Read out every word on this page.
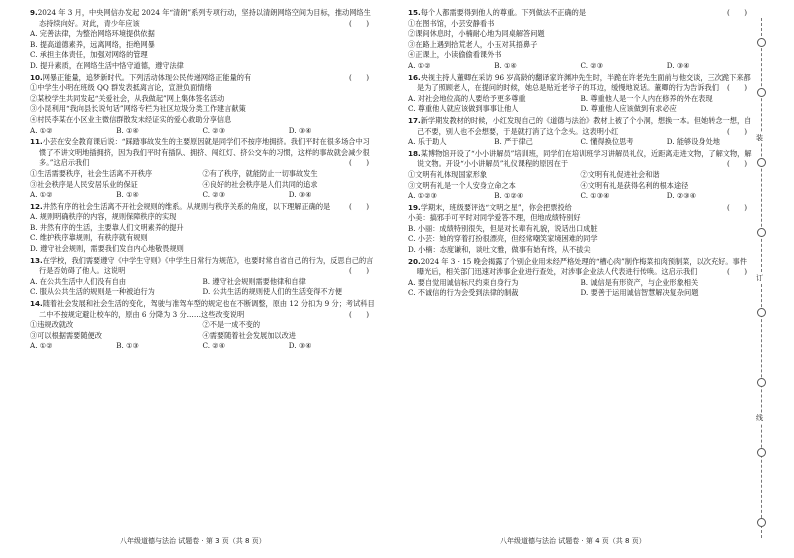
9.2024 年 3 月，中央网信办发起 2024 年“清朗”系列专项行动，坚持以清朗网络空间为目标，推动网络生态持续向好。对此，青少年应该	(　　)
A. 完善法律，为整治网络环境提供依据
B. 提高道德素养，远离网络，拒绝网暴
C. 承担主体责任，加强对网络的管理
D. 提升素质，在网络生活中恪守道德，遵守法律
10.网暴正能量，追梦新时代。下列活动体现公民传递网络正能量的有	(　　)
①中学生小明在班级 QQ 群发表抵离言论，宣泄负面情绪
②某校学生共同发起“关爱社会，从我做起”网上集体签名活动
③小昆利用“我向县长说句话”网络专栏为社区垃圾分类工作建言献策
④村民李某在小区业主微信群散发未经证实的爱心救助分享信息
A. ①②	B. ①④	C. ②③	D. ③④
11.小芸在安全教育课后说：“踩踏事故发生的主要原因就是同学们不按序地拥挤。我们平时在很多场合中习惯了不讲文明地插拥挤，因为我们平时有插队、拥挤、闯红灯、挤公交车的习惯，这样的事故就会减少很多。”这启示我们	(　　)
①生活需要秩序，社会生活离不开秩序	②有了秩序，就能防止一切事故发生
③社会秩序是人民安居乐业的保证	④良好的社会秩序是人们共同的追求
A. ①②	B. ①④	C. ②③	D. ③④
12.井然有序的社会生活离不开社会规则的维系。从规则与秩序关系的角度，以下理解正确的是	(　　)
A. 规则明确秩序的内容，规则保障秩序的实现
B. 井然有序的生活，主要靠人们文明素养的提升
C. 维护秩序靠规则，有秩序就有规则
D. 遵守社会规则，需要我们发自内心地敬畏规则
13.在学校，我们需要遵守《中学生守则》《中学生日常行为规范》，也要时常自省自己的行为，反思自己的言行是否妨碍了他人。这说明	(　　)
A. 在公共生活中人们没有自由	B. 遵守社会规则需要他律和自律
C. 服从公共生活的规则是一种被迫行为	D. 公共生活的规则使人们的生活变得不方便
14.随着社会发展和社会生活的变化，驾驶与准驾车型的规定也在不断调整，原由 12 分扣为 9 分；考试科目二中不按规定避让校车的，原由 6 分降为 3 分……这些改变说明	(　　)
①违规改就改	②不是一成不变的
③可以根据需要随便改	④需要随着社会发展加以改进
A. ①②	B. ①③	C. ②④	D. ③④
15.每个人都需要得到他人的尊重。下列做法不正确的是	(　　)
①在图书馆，小芸安静看书
②课间休息时，小楠耐心地为同桌解答问题
③在路上遇到拾荒老人，小玉对其捂鼻子
④正课上，小读偷偷看课外书
A. ①②	B. ①④	C. ②③	D. ③④
16.央视主持人董卿在采访 96 岁高龄的翻译家许渊冲先生时，半跪在许老先生面前与他交谈，三次跪下来都是为了照顾老人，在提问的时候，她总是贴近老爷子的耳边，缓慢地说话。董卿的行为告诉我们 (　　)
A. 对社会地位高的人要给予更多尊重	B. 尊重他人是一个人内在修养的外在表现
C. 尊重他人就应该做到事事让他人	D. 尊重他人应该做到有求必应
17.新学期发教材的时候，小红发现自己的《道德与法治》教材上被了个小洞，想换一本。但她转念一想，自己不要，别人也不会想要，于是就打消了这个念头。这表明小红	(　　)
A. 乐于助人	B. 严于律己	C. 懂得换位思考	D. 能够设身处地
18.某博物馆开设了“小小讲解员”培训班，同学们在培训班学习讲解员礼仪，近距离走进文物，了解文物，解说文物。开设“小小讲解员”礼仪课程的原因在于	(　　)
①文明有礼体现国家形象	②文明有礼促进社会和谐
③文明有礼是一个人安身立命之本	④文明有礼是获得名利的根本途径
A. ①②③	B. ①②④	C. ①③④	D. ②③④
19.学期末，班级要评选“文明之星”，你会把票投给	(　　)
小美：搞邪手可平时对同学爱答不理，但地成绩特别好
B. 小丽：成绩特别很失，但是对长辈有礼貌，说话出口成脏
C. 小芸：她的穿着打扮很漂亮，但经常嘲笑家境困难的同学
D. 小楠：态度谦和，谈吐文雅，做事有始有终，从不拔尖
20.2024 年 3 · 15 晚会揭露了个别企业用未经严格处理的“槽心肉”制作梅菜扣肉预制菜，以次充好。事件曝光后，相关部门迅速对涉事企业进行查处，对涉事企业法人代表进行传唤。这启示我们	(　　)
A. 要自觉用诚信标尺约束自身行为	B. 诚信是有形资产，与企业形象相关
C. 不诚信的行为会受到法律的制裁	D. 要善于运用诚信智慧解决复杂问题
八年级道德与法治 试题卷 · 第 3 页（共 8 页）	八年级道德与法治 试题卷 · 第 4 页（共 8 页）
装
订
线
